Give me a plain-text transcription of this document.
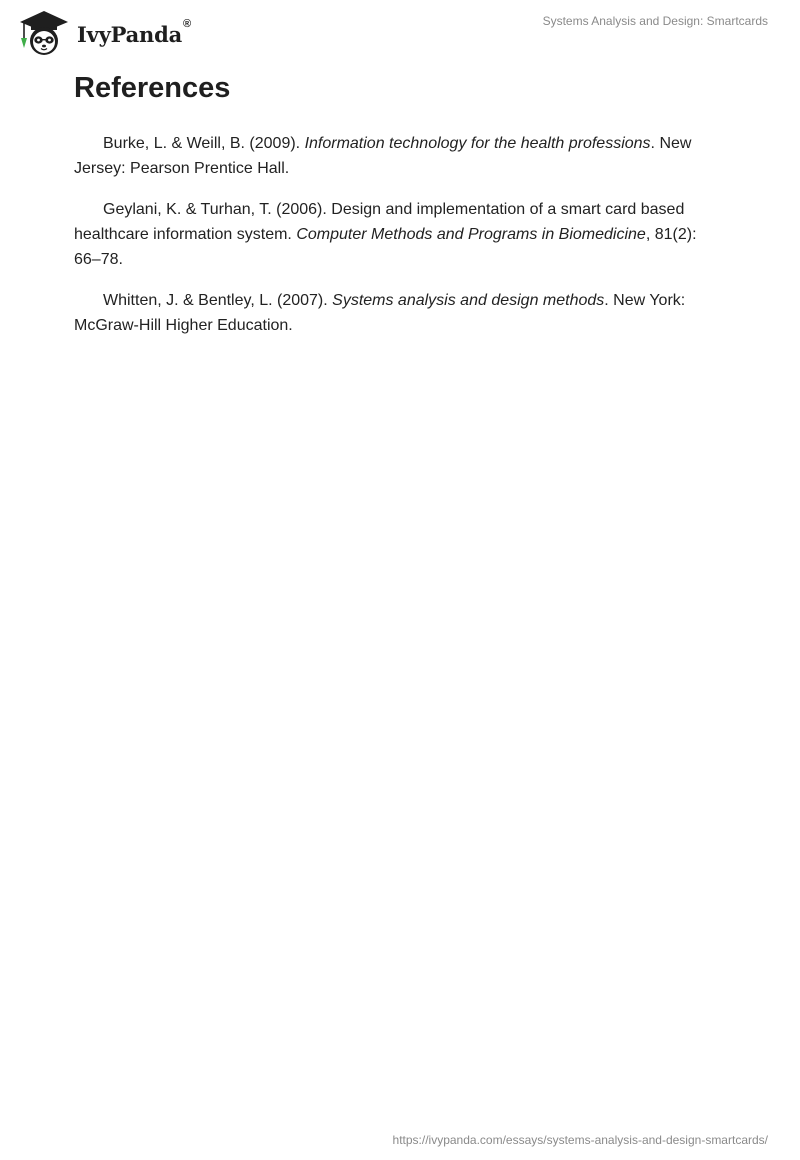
IvyPanda®	Systems Analysis and Design: Smartcards
References

Burke, L. & Weill, B. (2009). Information technology for the health professions. New Jersey: Pearson Prentice Hall.

Geylani, K. & Turhan, T. (2006). Design and implementation of a smart card based healthcare information system. Computer Methods and Programs in Biomedicine, 81(2): 66–78.

Whitten, J. & Bentley, L. (2007). Systems analysis and design methods. New York: McGraw-Hill Higher Education.

https://ivypanda.com/essays/systems-analysis-and-design-smartcards/
